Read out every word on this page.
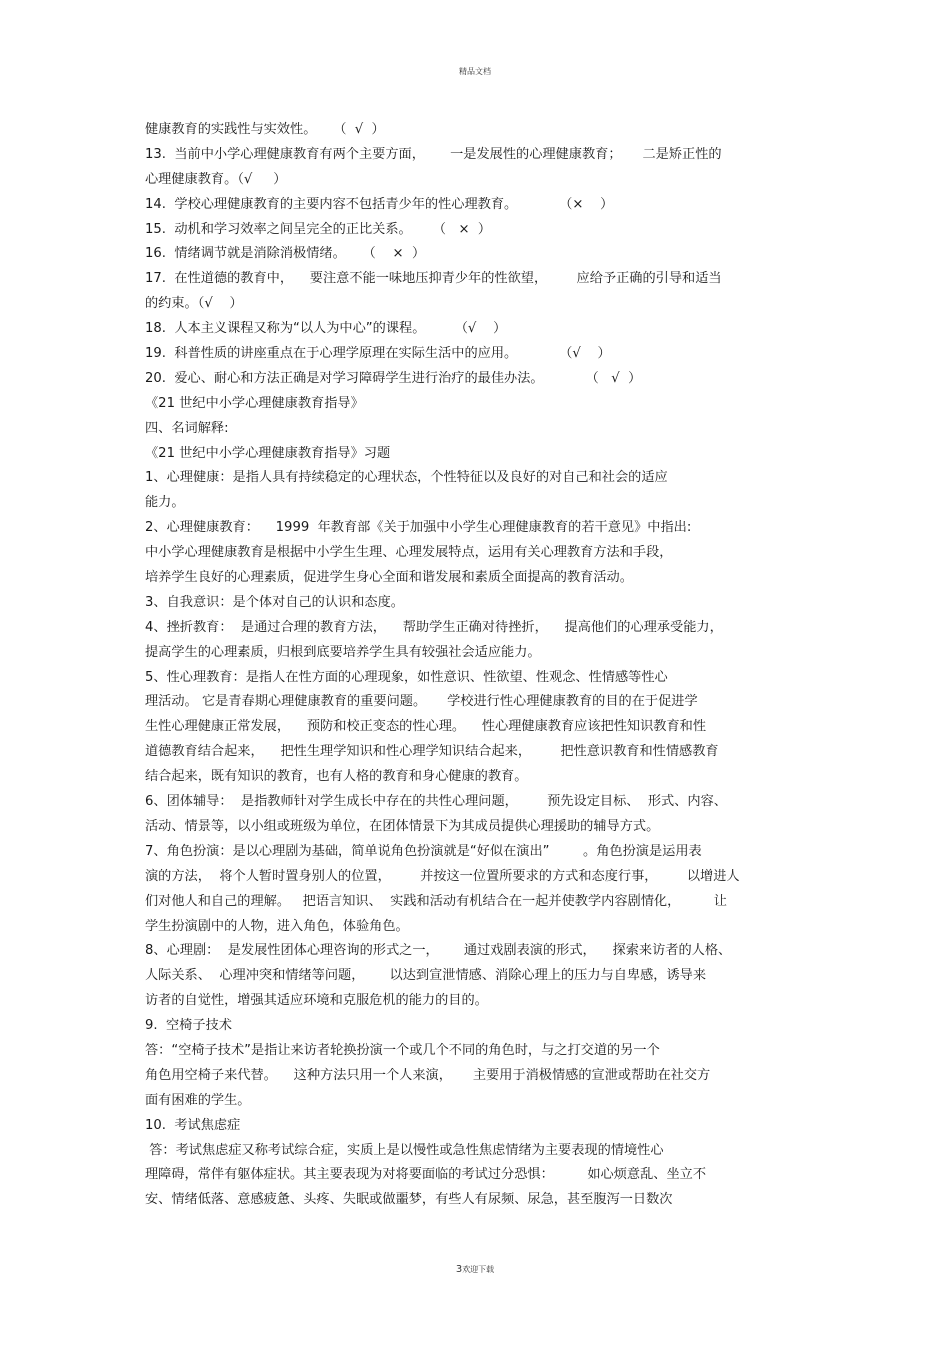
精品文档
健康教育的实践性与实效性。    （  √  ）
13.  当前中小学心理健康教育有两个主要方面，      一是发展性的心理健康教育；     二是矫正性的
心理健康教育。（√     ）
14.  学校心理健康教育的主要内容不包括青少年的性心理教育。          （×    ）
15.  动机和学习效率之间呈完全的正比关系。     （   ×  ）
16.  情绪调节就是消除消极情绪。    （    ×  ）
17.  在性道德的教育中，    要注意不能一味地压抑青少年的性欲望，       应给予正确的引导和适当
的约束。（√    ）
18.  人本主义课程又称为“以人为中心”的课程。       （√    ）
19.  科普性质的讲座重点在于心理学原理在实际生活中的应用。          （√    ）
20.  爱心、耐心和方法正确是对学习障碍学生进行治疗的最佳办法。          （   √  ）
《21 世纪中小学心理健康教育指导》
四、名词解释:
《21 世纪中小学心理健康教育指导》习题
1、心理健康：是指人具有持续稳定的心理状态，个性特征以及良好的对自己和社会的适应
能力。
2、心理健康教育：    1999  年教育部《关于加强中小学生心理健康教育的若干意见》中指出:
中小学心理健康教育是根据中小学生生理、心理发展特点，运用有关心理教育方法和手段，
培养学生良好的心理素质，促进学生身心全面和谐发展和素质全面提高的教育活动。
3、自我意识：是个体对自己的认识和态度。
4、挫折教育：  是通过合理的教育方法，    帮助学生正确对待挫折，    提高他们的心理承受能力，
提高学生的心理素质，归根到底要培养学生具有较强社会适应能力。
5、性心理教育：是指人在性方面的心理现象，如性意识、性欲望、性观念、性情感等性心
理活动。 它是青春期心理健康教育的重要问题。     学校进行性心理健康教育的目的在于促进学
生性心理健康正常发展，    预防和校正变态的性心理。    性心理健康教育应该把性知识教育和性
道德教育结合起来，    把性生理学知识和性心理学知识结合起来，       把性意识教育和性情感教育
结合起来，既有知识的教育，也有人格的教育和身心健康的教育。
6、团体辅导：  是指教师针对学生成长中存在的共性心理问题，       预先设定目标、  形式、内容、
活动、情景等，以小组或班级为单位，在团体情景下为其成员提供心理援助的辅导方式。
7、角色扮演：是以心理剧为基础，简单说角色扮演就是“好似在演出”        。角色扮演是运用表
演的方法，  将个人暂时置身别人的位置，       并按这一位置所要求的方式和态度行事，       以增进人
们对他人和自己的理解。   把语言知识、  实践和活动有机结合在一起并使教学内容剧情化，        让
学生扮演剧中的人物，进入角色，体验角色。
8、心理剧：  是发展性团体心理咨询的形式之一，      通过戏剧表演的形式，    探索来访者的人格、
人际关系、  心理冲突和情绪等问题，      以达到宣泄情感、消除心理上的压力与自卑感，诱导来
访者的自觉性，增强其适应环境和克服危机的能力的目的。
9.  空椅子技术
答：“空椅子技术”是指让来访者轮换扮演一个或几个不同的角色时，与之打交道的另一个
角色用空椅子来代替。    这种方法只用一个人来演，     主要用于消极情感的宣泄或帮助在社交方
面有困难的学生。
10.  考试焦虑症
答：考试焦虑症又称考试综合症，实质上是以慢性或急性焦虑情绪为主要表现的情境性心
理障碍，常伴有躯体症状。其主要表现为对将要面临的考试过分恐惧：        如心烦意乱、坐立不
安、情绪低落、意感疲惫、头疼、失眠或做噩梦，有些人有尿频、尿急，甚至腹泻一日数次
3欢迎下载
